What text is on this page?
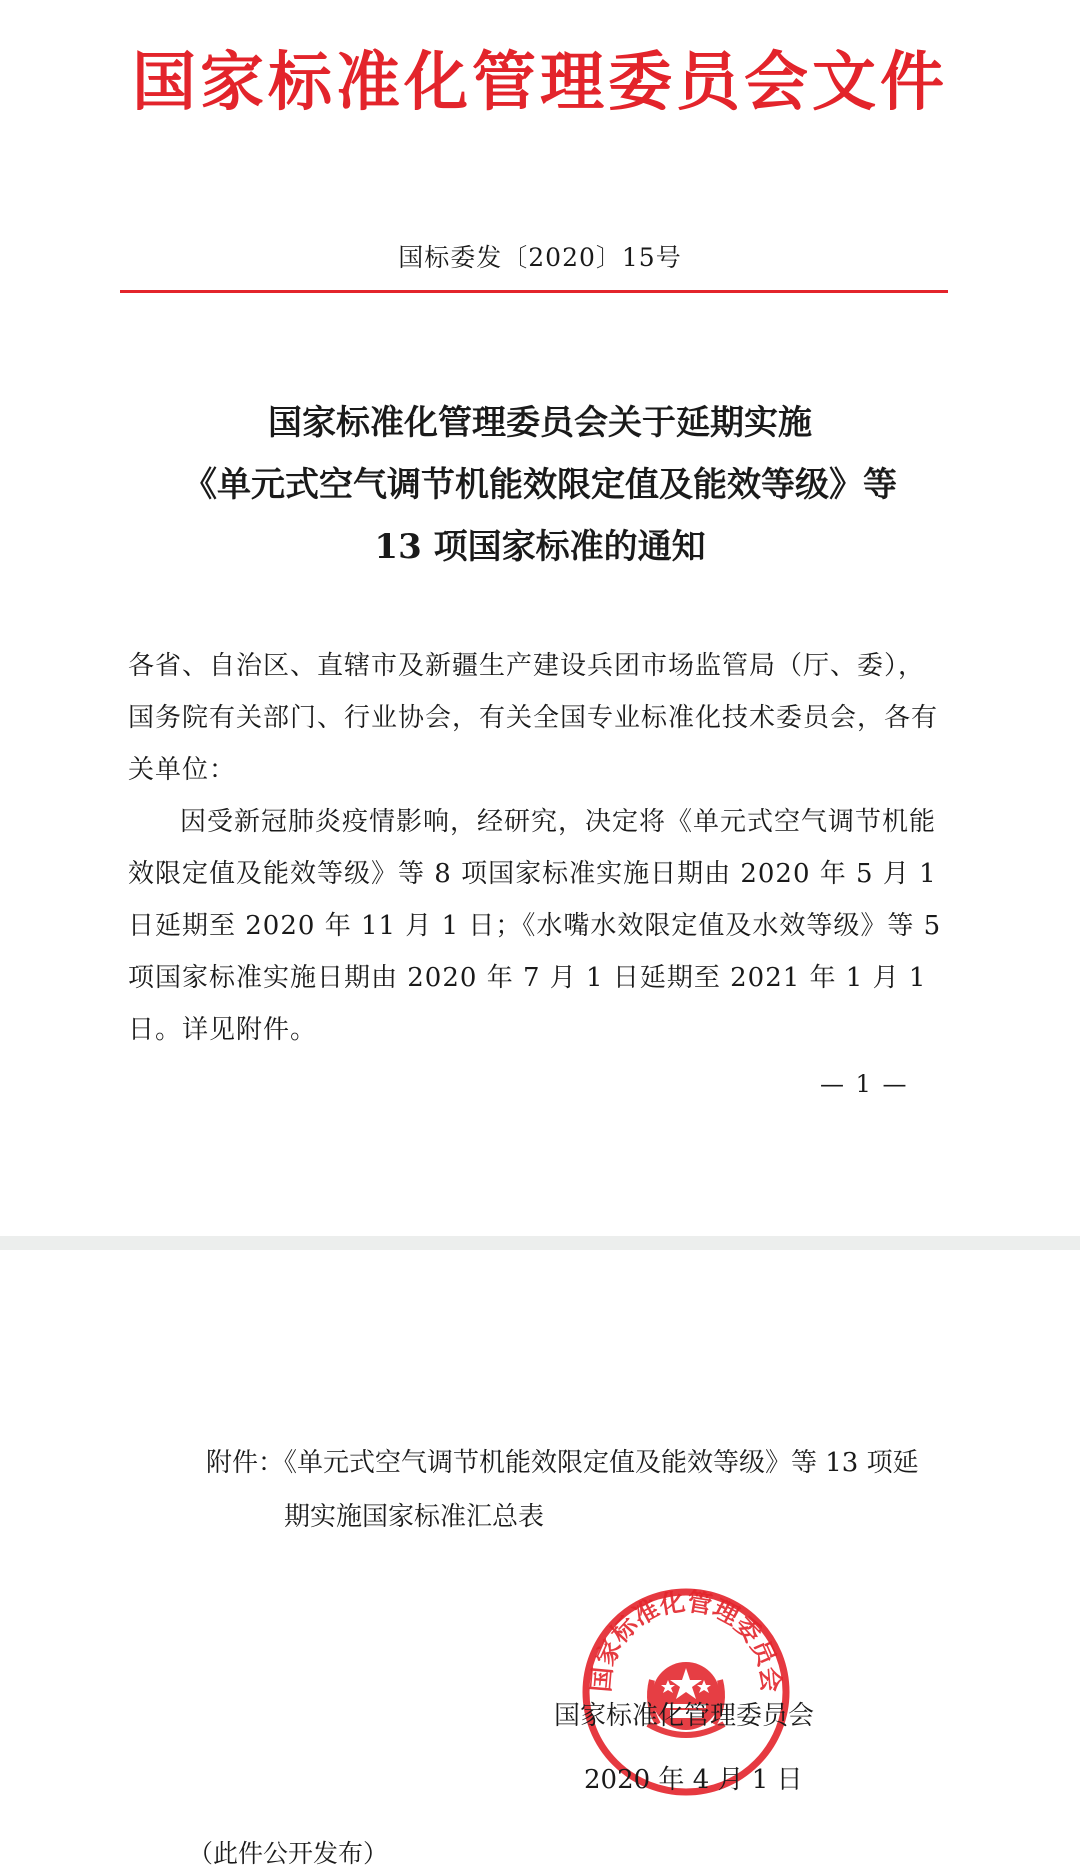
国家标准化管理委员会文件
国标委发〔2020〕15号
国家标准化管理委员会关于延期实施
《单元式空气调节机能效限定值及能效等级》等
13 项国家标准的通知
各省、自治区、直辖市及新疆生产建设兵团市场监管局（厅、委），国务院有关部门、行业协会，有关全国专业标准化技术委员会，各有关单位：
因受新冠肺炎疫情影响，经研究，决定将《单元式空气调节机能效限定值及能效等级》等 8 项国家标准实施日期由 2020 年 5 月 1 日延期至 2020 年 11 月 1 日；《水嘴水效限定值及水效等级》等 5 项国家标准实施日期由 2020 年 7 月 1 日延期至 2021 年 1 月 1 日。详见附件。
— 1 —
附件：《单元式空气调节机能效限定值及能效等级》等 13 项延
期实施国家标准汇总表
国家标准化管理委员会
国家标准化管理委员会
2020 年 4 月 1 日
（此件公开发布）
